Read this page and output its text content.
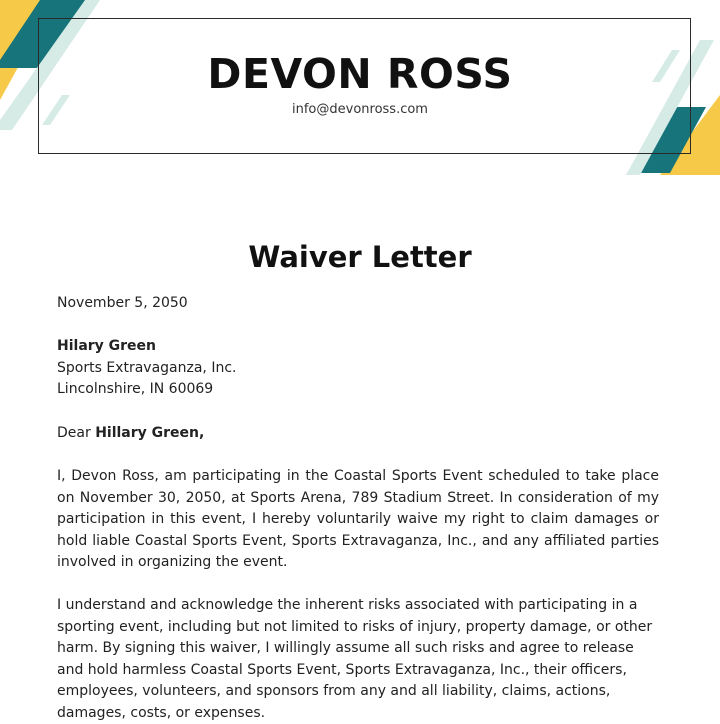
DEVON ROSS
info@devonross.com
Waiver Letter
November 5, 2050
Hilary Green
Sports Extravaganza, Inc.
Lincolnshire, IN 60069
Dear Hillary Green,
I, Devon Ross, am participating in the Coastal Sports Event scheduled to take place on November 30, 2050, at Sports Arena, 789 Stadium Street. In consideration of my participation in this event, I hereby voluntarily waive my right to claim damages or hold liable Coastal Sports Event, Sports Extravaganza, Inc., and any affiliated parties involved in organizing the event.
I understand and acknowledge the inherent risks associated with participating in a sporting event, including but not limited to risks of injury, property damage, or other harm. By signing this waiver, I willingly assume all such risks and agree to release and hold harmless Coastal Sports Event, Sports Extravaganza, Inc., their officers, employees, volunteers, and sponsors from any and all liability, claims, actions, damages, costs, or expenses.
